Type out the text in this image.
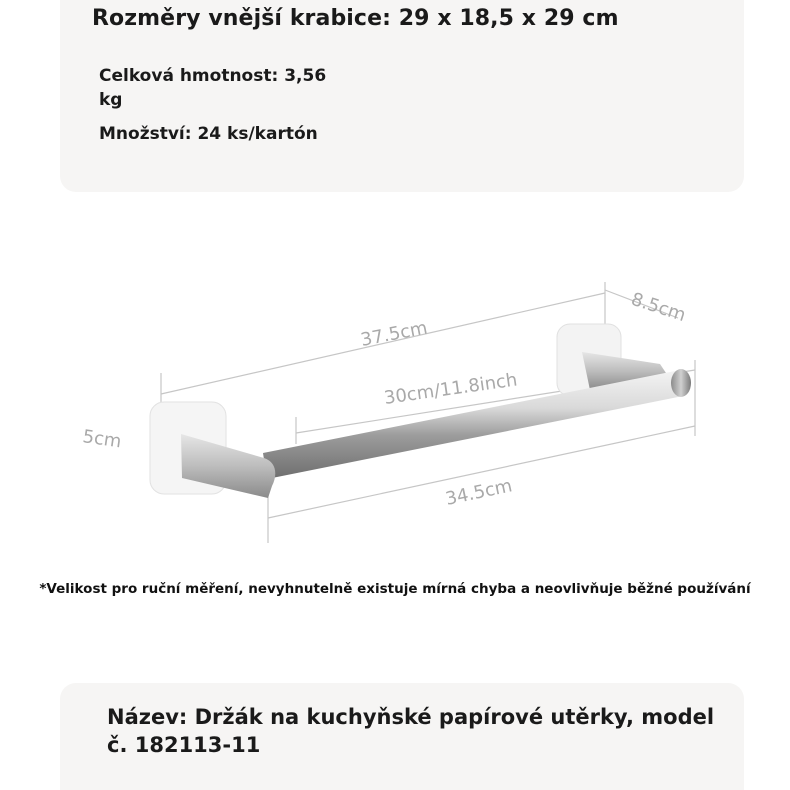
Rozměry vnější krabice: 29 x 18,5 x 29 cm

Celková hmotnost: 3,56 kg

Množství: 24 ks/kartón

37.5cm
8.5cm
30cm/11.8inch
5cm
34.5cm

*Velikost pro ruční měření, nevyhnutelně existuje mírná chyba a neovlivňuje běžné používání

Název: Držák na kuchyňské papírové utěrky, model č. 182113-11
